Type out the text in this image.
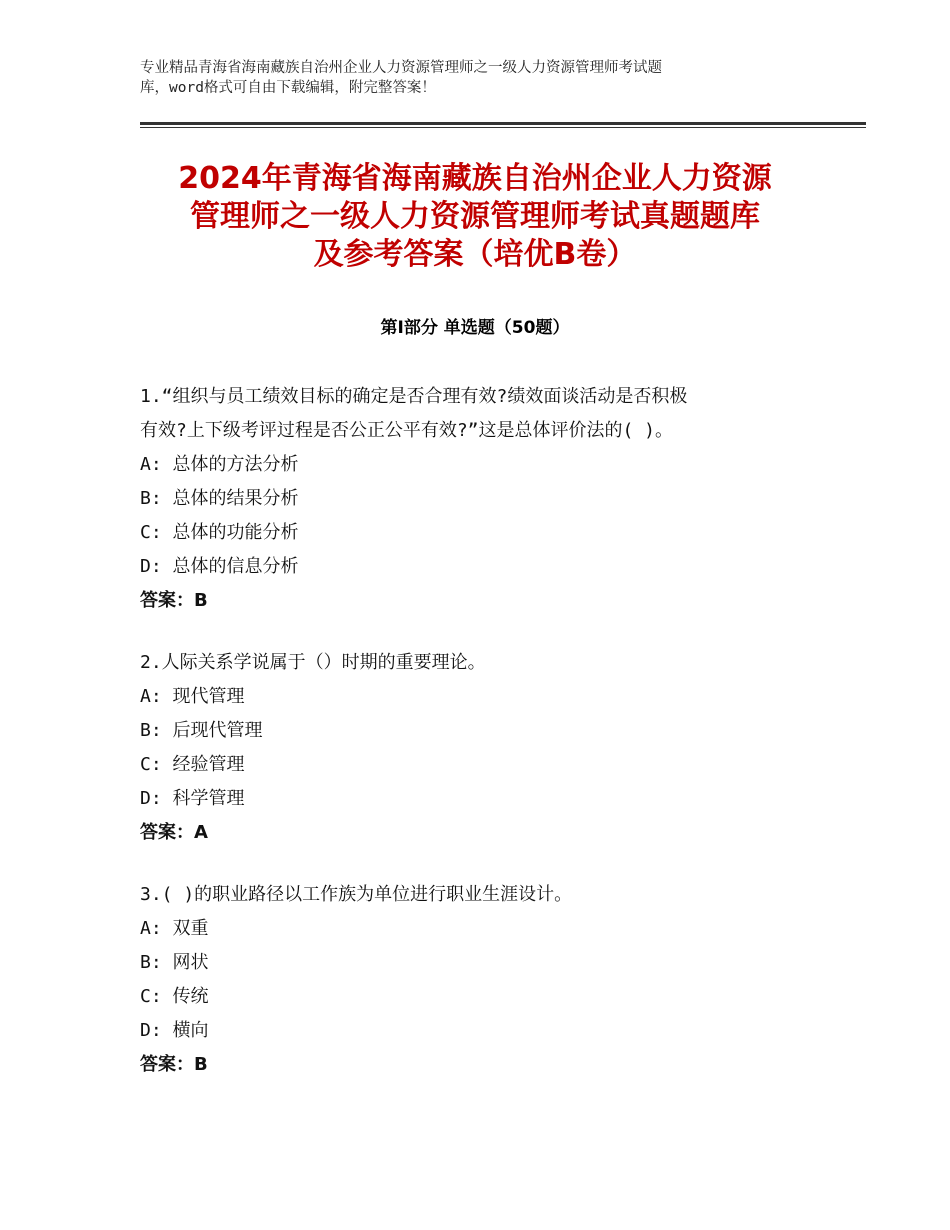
专业精品青海省海南藏族自治州企业人力资源管理师之一级人力资源管理师考试题
库，word格式可自由下载编辑，附完整答案！
2024年青海省海南藏族自治州企业人力资源
管理师之一级人力资源管理师考试真题题库
及参考答案（培优B卷）
第Ⅰ部分 单选题（50题）
1.“组织与员工绩效目标的确定是否合理有效?绩效面谈活动是否积极
有效?上下级考评过程是否公正公平有效?”这是总体评价法的( )。
A: 总体的方法分析
B: 总体的结果分析
C: 总体的功能分析
D: 总体的信息分析
答案：B
2.人际关系学说属于（）时期的重要理论。
A: 现代管理
B: 后现代管理
C: 经验管理
D: 科学管理
答案：A
3.( )的职业路径以工作族为单位进行职业生涯设计。
A: 双重
B: 网状
C: 传统
D: 横向
答案：B
